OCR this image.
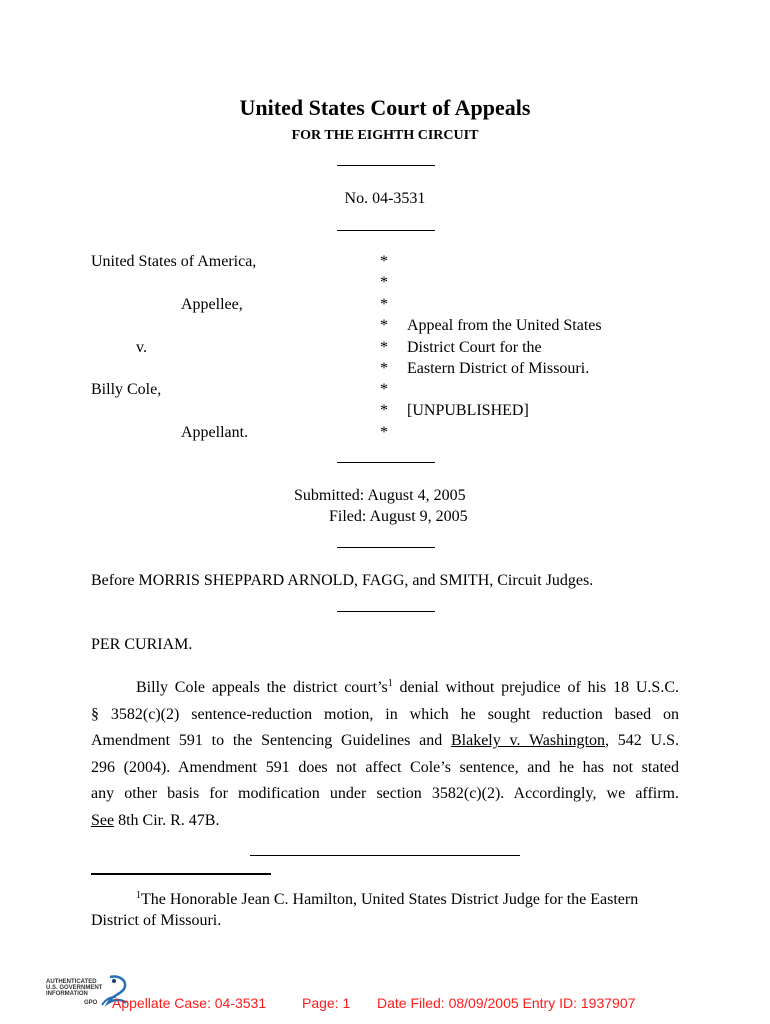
United States Court of Appeals
FOR THE EIGHTH CIRCUIT
No. 04-3531
United States of America,
Appellee,
v.
Billy Cole,
Appellant.
*
*
*
*
*
*
*
*
*
Appeal from the United States
District Court for the
Eastern District of Missouri.
[UNPUBLISHED]
Submitted: August 4, 2005
Filed: August 9, 2005
Before MORRIS SHEPPARD ARNOLD, FAGG, and SMITH, Circuit Judges.
PER CURIAM.
Billy Cole appeals the district $court’s^1$ denial without prejudice of his 18 U.S.C.
§ 3582(c)(2) sentence-reduction motion, in which he sought reduction based on
Amendment 591 to the Sentencing Guidelines and Blakely v. Washington, 542 U.S.
296 (2004). Amendment 591 does not affect Cole’s sentence, and he has not stated
any other basis for modification under section 3582(c)(2). Accordingly, we affirm.
See 8th Cir. R. 47B.
$^1$The Honorable Jean C. Hamilton, United States District Judge for the Eastern
District of Missouri.
AUTHENTICATED
U.S. GOVERNMENT
INFORMATION
GPO	Appellate Case: 04-3531	Page: 1 Date Filed: 08/09/2005 Entry ID: 1937907
